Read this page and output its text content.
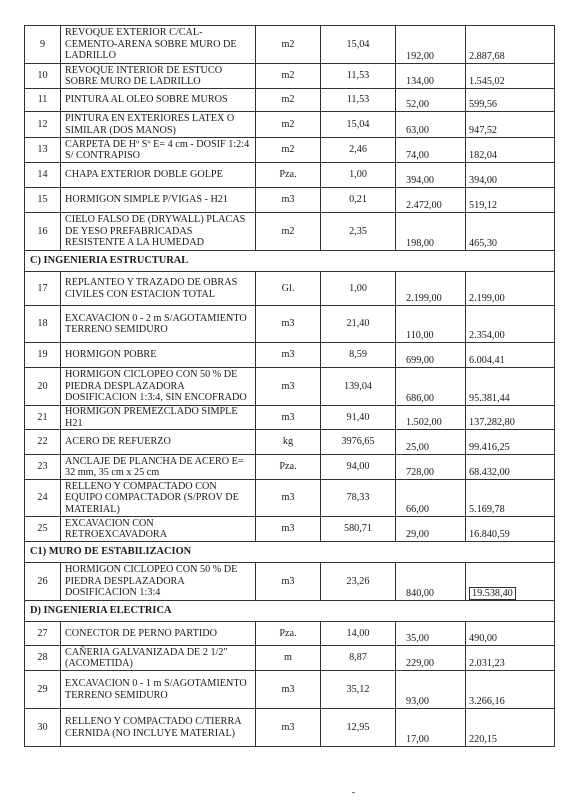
9	REVOQUE EXTERIOR C/CAL-CEMENTO-ARENA SOBRE MURO DE LADRILLO	m2	15,04	192,00	2.887,68
10	REVOQUE INTERIOR DE ESTUCO SOBRE MURO DE LADRILLO	m2	11,53	134,00	1.545,02
11	PINTURA AL OLEO SOBRE MUROS	m2	11,53	52,00	599,56
12	PINTURA EN EXTERIORES LATEX O SIMILAR (DOS MANOS)	m2	15,04	63,00	947,52
13	CARPETA DE Hº Sº E= 4 cm - DOSIF 1:2:4 S/ CONTRAPISO	m2	2,46	74,00	182,04
14	CHAPA EXTERIOR DOBLE GOLPE	Pza.	1,00	394,00	394,00
15	HORMIGON SIMPLE P/VIGAS - H21	m3	0,21	2.472,00	519,12
16	CIELO FALSO DE (DRYWALL) PLACAS DE YESO PREFABRICADAS RESISTENTE A LA HUMEDAD	m2	2,35	198,00	465,30
C) INGENIERIA ESTRUCTURAL					
17	REPLANTEO Y TRAZADO DE OBRAS CIVILES CON ESTACION TOTAL	Gl.	1,00	2.199,00	2.199,00
18	EXCAVACION 0 - 2 m S/AGOTAMIENTO TERRENO SEMIDURO	m3	21,40	110,00	2.354,00
19	HORMIGON POBRE	m3	8,59	699,00	6.004,41
20	HORMIGON CICLOPEO CON 50 % DE PIEDRA DESPLAZADORA DOSIFICACION 1:3:4, SIN ENCOFRADO	m3	139,04	686,00	95.381,44
21	HORMIGON PREMEZCLADO SIMPLE H21	m3	91,40	1.502,00	137.282,80
22	ACERO DE REFUERZO	kg	3976,65	25,00	99.416,25
23	ANCLAJE DE PLANCHA DE ACERO E= 32 mm, 35 cm x 25 cm	Pza.	94,00	728,00	68.432,00
24	RELLENO Y COMPACTADO CON EQUIPO COMPACTADOR (S/PROV DE MATERIAL)	m3	78,33	66,00	5.169,78
25	EXCAVACION CON RETROEXCAVADORA	m3	580,71	29,00	16.840,59
C1) MURO DE ESTABILIZACION					
26	HORMIGON CICLOPEO CON 50 % DE PIEDRA DESPLAZADORA DOSIFICACION 1:3:4	m3	23,26	840,00	19.538,40
D) INGENIERIA ELECTRICA					
27	CONECTOR DE PERNO PARTIDO	Pza.	14,00	35,00	490,00
28	CAÑERIA GALVANIZADA DE 2 1/2" (ACOMETIDA)	m	8,87	229,00	2.031,23
29	EXCAVACION 0 - 1 m S/AGOTAMIENTO TERRENO SEMIDURO	m3	35,12	93,00	3.266,16
30	RELLENO Y COMPACTADO C/TIERRA CERNIDA (NO INCLUYE MATERIAL)	m3	12,95	17,00	220,15
